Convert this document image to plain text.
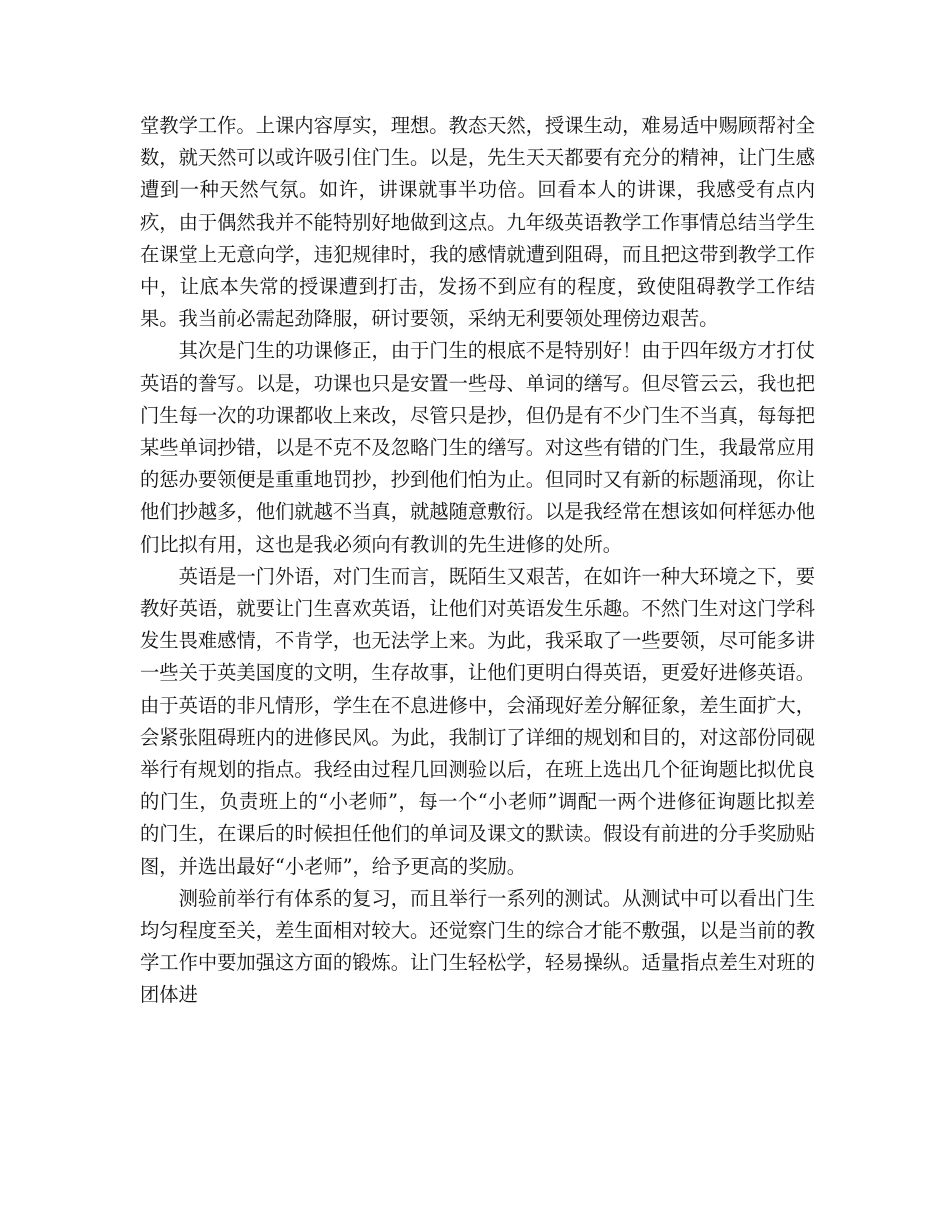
堂教学工作。上课内容厚实，理想。教态天然，授课生动，难易适中赐顾帮衬全数，就天然可以或许吸引住门生。以是，先生天天都要有充分的精神，让门生感遭到一种天然气氛。如许，讲课就事半功倍。回看本人的讲课，我感受有点内疚，由于偶然我并不能特别好地做到这点。九年级英语教学工作事情总结当学生在课堂上无意向学，违犯规律时，我的感情就遭到阻碍，而且把这带到教学工作中，让底本失常的授课遭到打击，发扬不到应有的程度，致使阻碍教学工作结果。我当前必需起劲降服，研讨要领，采纳无利要领处理傍边艰苦。

其次是门生的功课修正，由于门生的根底不是特别好！由于四年级方才打仗英语的誊写。以是，功课也只是安置一些母、单词的缮写。但尽管云云，我也把门生每一次的功课都收上来改，尽管只是抄，但仍是有不少门生不当真，每每把某些单词抄错，以是不克不及忽略门生的缮写。对这些有错的门生，我最常应用的惩办要领便是重重地罚抄，抄到他们怕为止。但同时又有新的标题涌现，你让他们抄越多，他们就越不当真，就越随意敷衍。以是我经常在想该如何样惩办他们比拟有用，这也是我必须向有教训的先生进修的处所。

英语是一门外语，对门生而言，既陌生又艰苦，在如许一种大环境之下，要教好英语，就要让门生喜欢英语，让他们对英语发生乐趣。不然门生对这门学科发生畏难感情，不肯学，也无法学上来。为此，我采取了一些要领，尽可能多讲一些关于英美国度的文明，生存故事，让他们更明白得英语，更爱好进修英语。由于英语的非凡情形，学生在不息进修中，会涌现好差分解征象，差生面扩大，会紧张阻碍班内的进修民风。为此，我制订了详细的规划和目的，对这部份同砚举行有规划的指点。我经由过程几回测验以后，在班上选出几个征询题比拟优良的门生，负责班上的“小老师”，每一个“小老师”调配一两个进修征询题比拟差的门生，在课后的时候担任他们的单词及课文的默读。假设有前进的分手奖励贴图，并选出最好“小老师”，给予更高的奖励。

测验前举行有体系的复习，而且举行一系列的测试。从测试中可以看出门生均匀程度至关，差生面相对较大。还觉察门生的综合才能不敷强，以是当前的教学工作中要加强这方面的锻炼。让门生轻松学，轻易操纵。适量指点差生对班的团体进
